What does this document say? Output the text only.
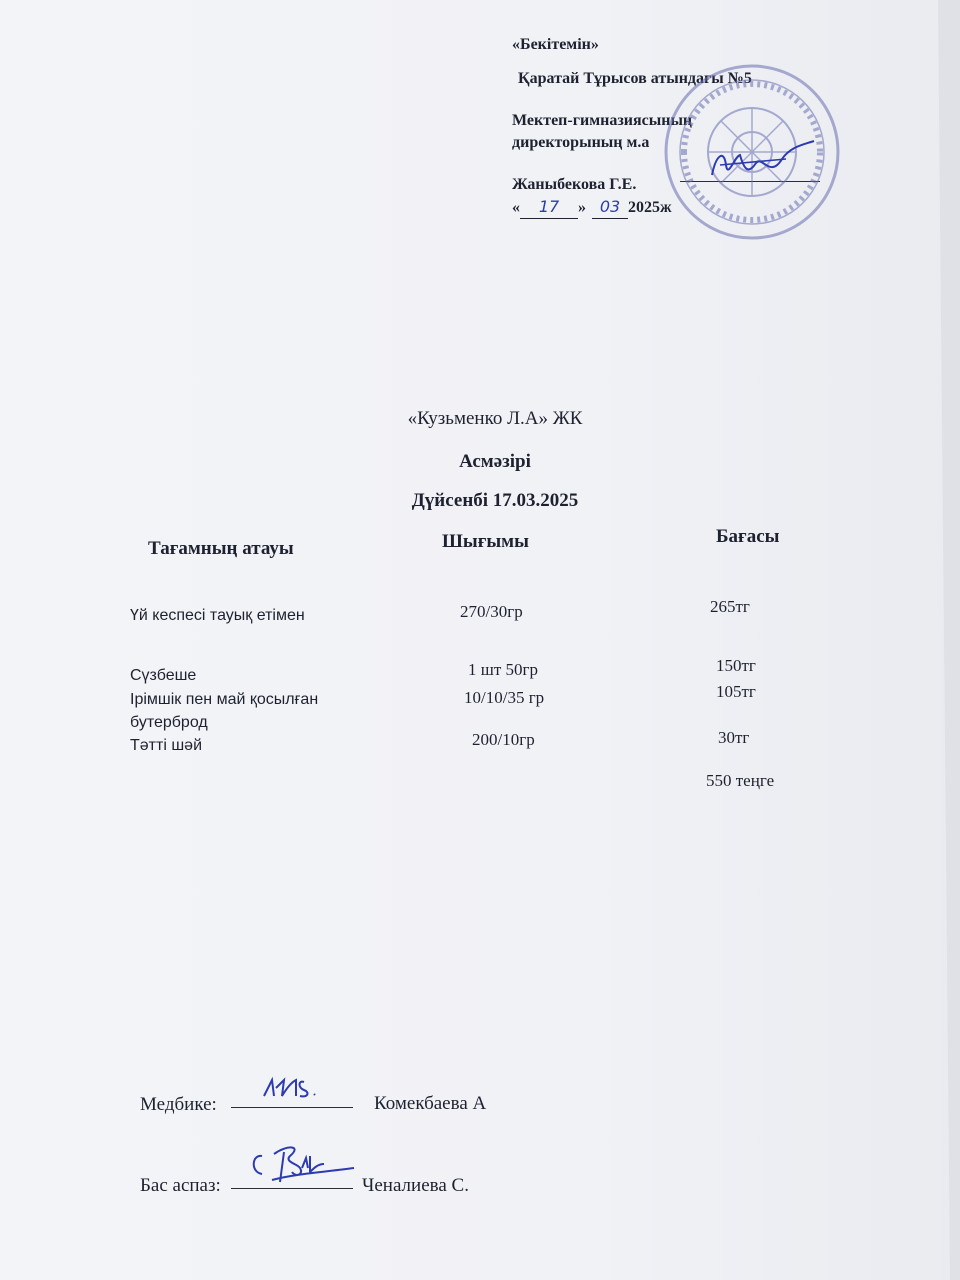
«Бекітемін»
Қаратай Тұрысов атындағы №5
Мектеп-гимназиясының
директорының м.а
Жаныбекова Г.Е.
« 17 » 03 2025ж
«Кузьменко Л.А» ЖК
Асмәзірі
Дүйсенбі 17.03.2025
Тағамның атауы	Шығымы	Бағасы
Үй кеспесі тауық етімен	270/30гр	265тг
Сүзбеше	1 шт 50гр	150тг
Ірімшік пен май қосылған
бутерброд
10/10/35 гр	105тг
Тәтті шәй	200/10гр	30тг
550 теңге
Медбике:	Комекбаева А
Бас аспаз:	Ченалиева С.
